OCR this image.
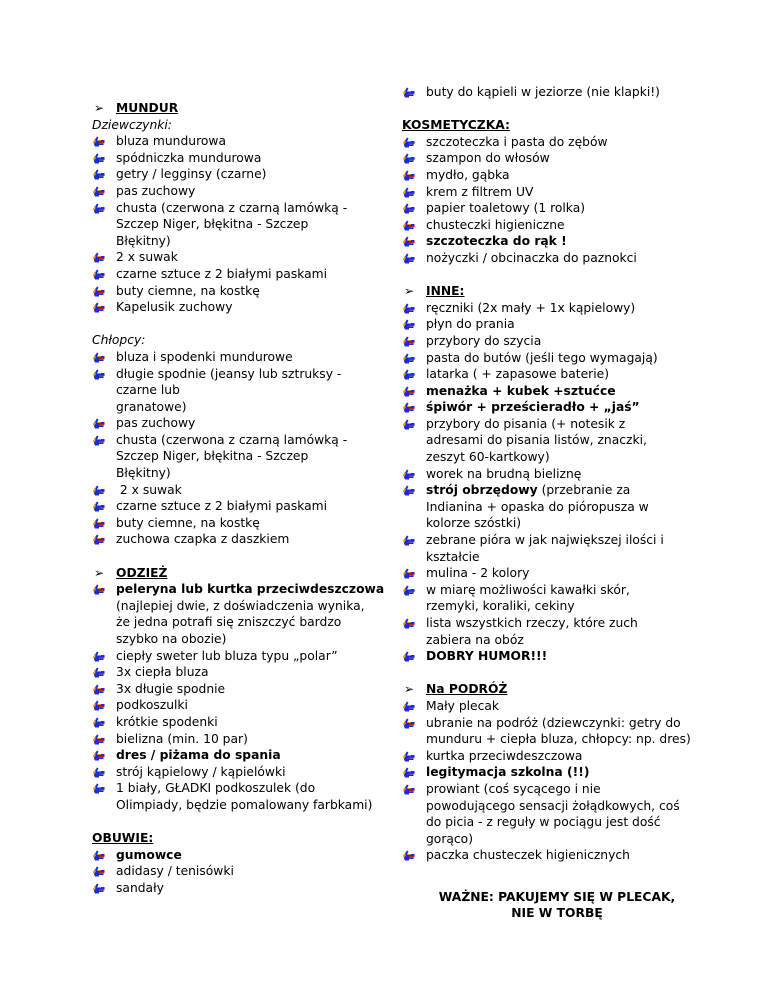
➢ MUNDUR
Dziewczynki:
bluza mundurowa
spódniczka mundurowa
getry / legginsy (czarne)
pas zuchowy
chusta (czerwona z czarną lamówką -
Szczep Niger, błękitna - Szczep
Błękitny)
2 x suwak
czarne sztuce z 2 białymi paskami
buty ciemne, na kostkę
Kapelusik zuchowy
Chłopcy:
bluza i spodenki mundurowe
długie spodnie (jeansy lub sztruksy -
czarne lub
granatowe)
pas zuchowy
chusta (czerwona z czarną lamówką -
Szczep Niger, błękitna - Szczep
Błękitny)
2 x suwak
czarne sztuce z 2 białymi paskami
buty ciemne, na kostkę
zuchowa czapka z daszkiem
➢ ODZIEŻ
peleryna lub kurtka przeciwdeszczowa
(najlepiej dwie, z doświadczenia wynika,
że jedna potrafi się zniszczyć bardzo
szybko na obozie)
ciepły sweter lub bluza typu „polar”
3x ciepła bluza
3x długie spodnie
podkoszulki
krótkie spodenki
bielizna (min. 10 par)
dres / piżama do spania
strój kąpielowy / kąpielówki
1 biały, GŁADKI podkoszulek (do
Olimpiady, będzie pomalowany farbkami)
OBUWIE:
gumowce
adidasy / tenisówki
sandały
buty do kąpieli w jeziorze (nie klapki!)
KOSMETYCZKA:
szczoteczka i pasta do zębów
szampon do włosów
mydło, gąbka
krem z filtrem UV
papier toaletowy (1 rolka)
chusteczki higieniczne
szczoteczka do rąk !
nożyczki / obcinaczka do paznokci
➢ INNE:
ręczniki (2x mały + 1x kąpielowy)
płyn do prania
przybory do szycia
pasta do butów (jeśli tego wymagają)
latarka ( + zapasowe baterie)
menażka + kubek +sztućce
śpiwór + prześcieradło + „jaś”
przybory do pisania (+ notesik z
adresami do pisania listów, znaczki,
zeszyt 60-kartkowy)
worek na brudną bieliznę
strój obrzędowy (przebranie za
Indianina + opaska do pióropusza w
kolorze szóstki)
zebrane pióra w jak największej ilości i
kształcie
mulina - 2 kolory
w miarę możliwości kawałki skór,
rzemyki, koraliki, cekiny
lista wszystkich rzeczy, które zuch
zabiera na obóz
DOBRY HUMOR!!!
➢ Na PODRÓŻ
Mały plecak
ubranie na podróż (dziewczynki: getry do
munduru + ciepła bluza, chłopcy: np. dres)
kurtka przeciwdeszczowa
legitymacja szkolna (!!)
prowiant (coś sycącego i nie
powodującego sensacji żołądkowych, coś
do picia - z reguły w pociągu jest dość
gorąco)
paczka chusteczek higienicznych
WAŻNE: PAKUJEMY SIĘ W PLECAK,
NIE W TORBĘ
